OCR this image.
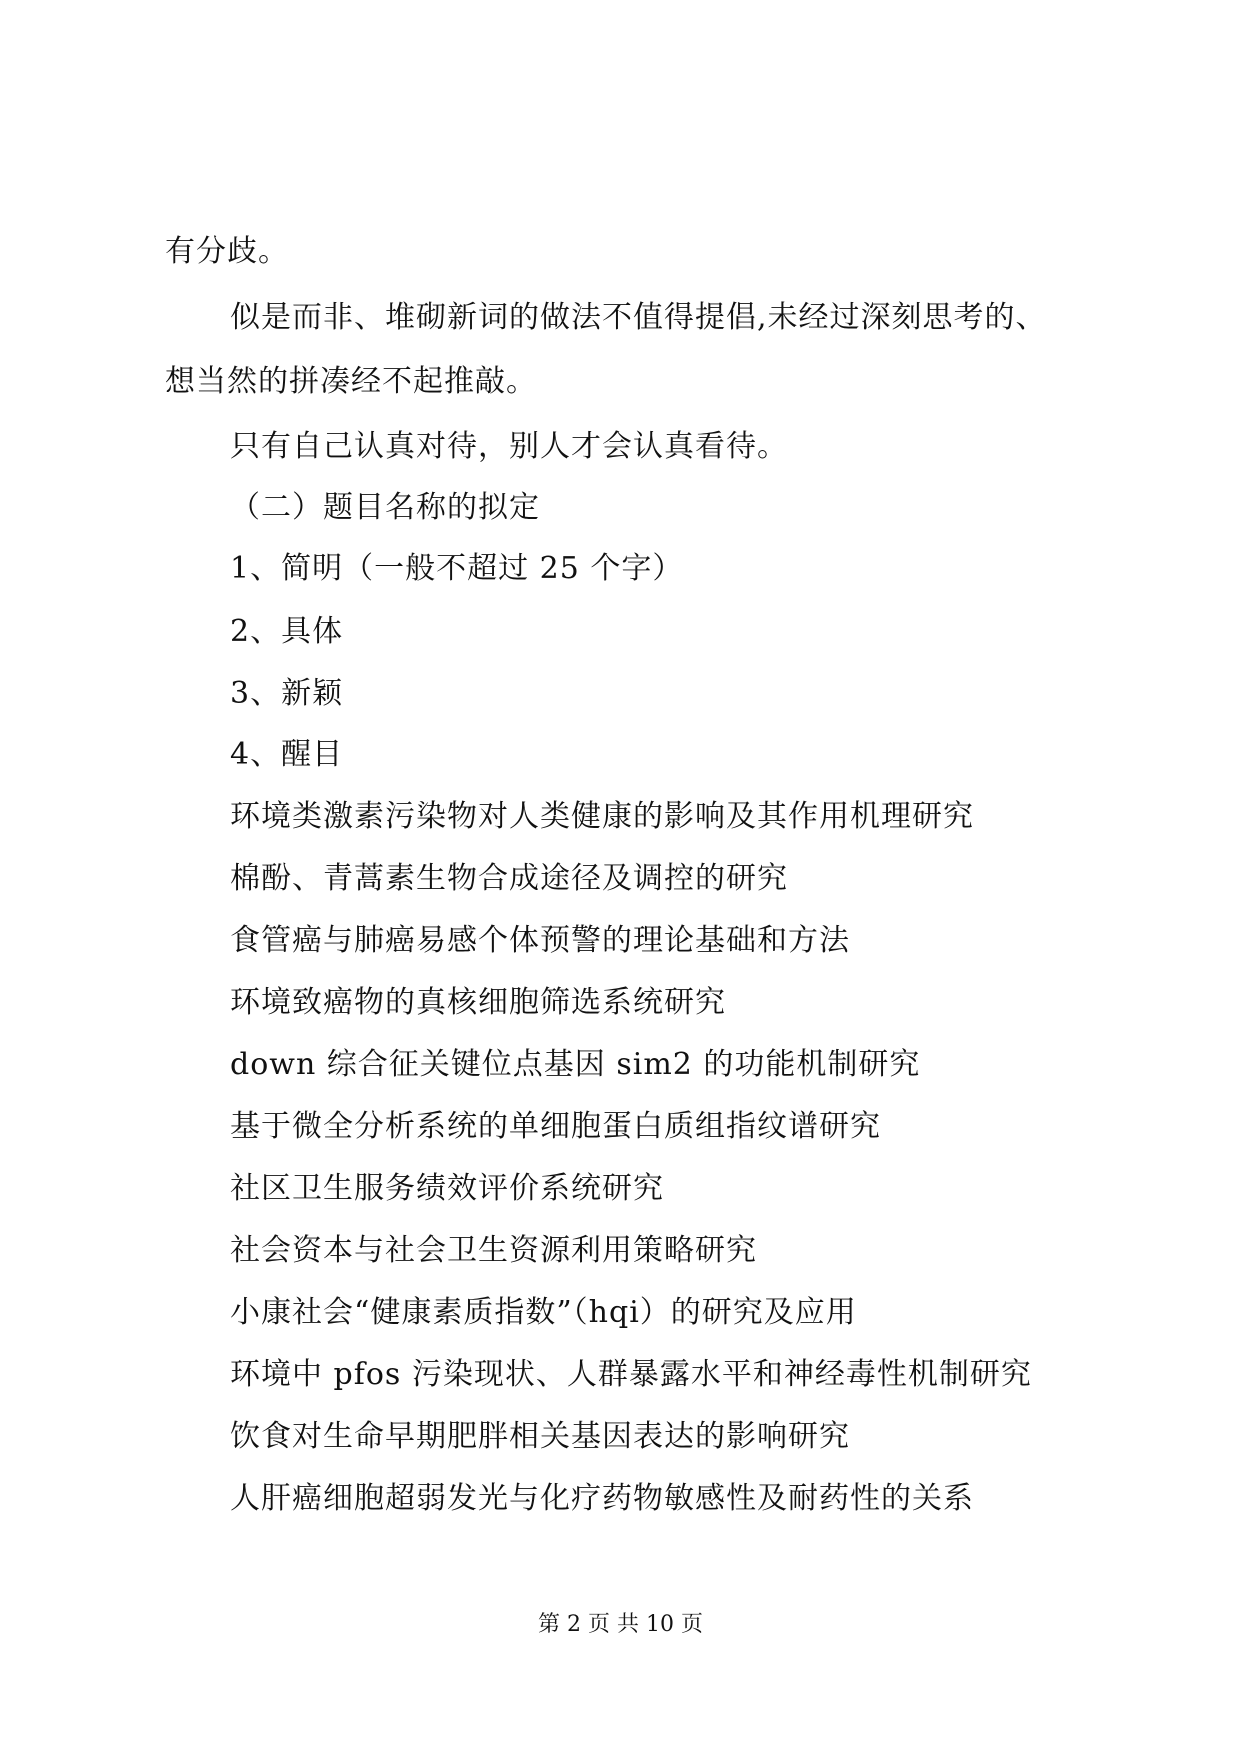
有分歧。
似是而非、堆砌新词的做法不值得提倡,未经过深刻思考的、
想当然的拼凑经不起推敲。
只有自己认真对待，别人才会认真看待。
（二）题目名称的拟定
1、简明（一般不超过 25 个字）
2、具体
3、新颖
4、醒目
环境类激素污染物对人类健康的影响及其作用机理研究
棉酚、青蒿素生物合成途径及调控的研究
食管癌与肺癌易感个体预警的理论基础和方法
环境致癌物的真核细胞筛选系统研究
down 综合征关键位点基因 sim2 的功能机制研究
基于微全分析系统的单细胞蛋白质组指纹谱研究
社区卫生服务绩效评价系统研究
社会资本与社会卫生资源利用策略研究
小康社会“健康素质指数”（hqi）的研究及应用
环境中 pfos 污染现状、人群暴露水平和神经毒性机制研究
饮食对生命早期肥胖相关基因表达的影响研究
人肝癌细胞超弱发光与化疗药物敏感性及耐药性的关系
第 2 页 共 10 页
